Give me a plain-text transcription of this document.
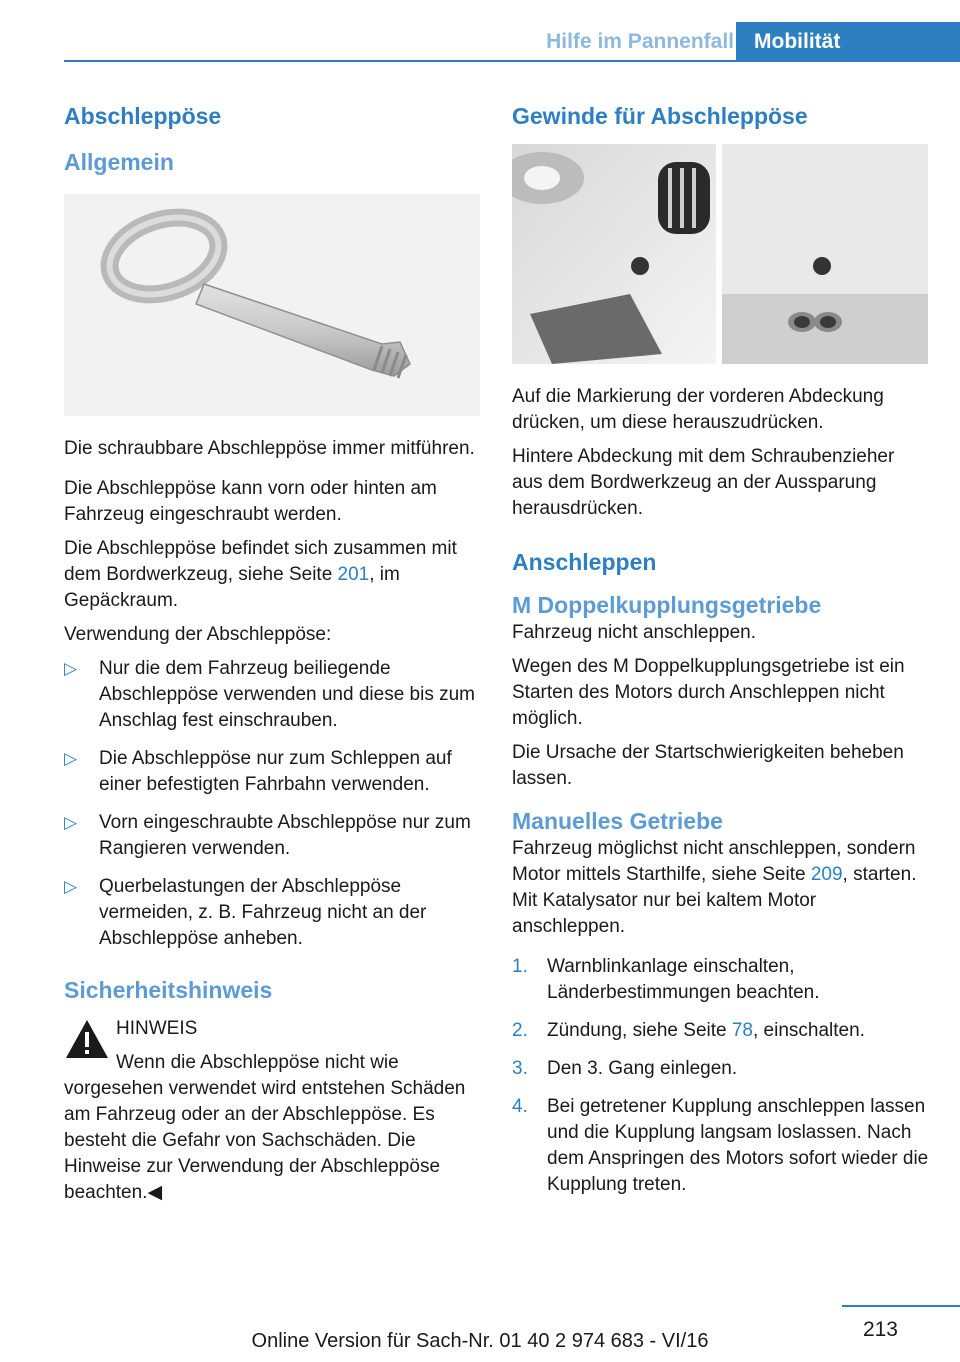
Hilfe im Pannenfall Mobilität
Abschleppöse
Allgemein

Die schraubbare Abschleppöse immer mitführen.

Die Abschleppöse kann vorn oder hinten am Fahrzeug eingeschraubt werden.

Die Abschleppöse befindet sich zusammen mit dem Bordwerkzeug, siehe Seite 201, im Gepäckraum.

Verwendung der Abschleppöse:

▷ Nur die dem Fahrzeug beiliegende Abschleppöse verwenden und diese bis zum Anschlag fest einschrauben.
▷ Die Abschleppöse nur zum Schleppen auf einer befestigten Fahrbahn verwenden.
▷ Vorn eingeschraubte Abschleppöse nur zum Rangieren verwenden.
▷ Querbelastungen der Abschleppöse vermeiden, z. B. Fahrzeug nicht an der Abschleppöse anheben.
Sicherheitshinweis

HINWEIS

Wenn die Abschleppöse nicht wie vorgesehen verwendet wird entstehen Schäden am Fahrzeug oder an der Abschleppöse. Es besteht die Gefahr von Sachschäden. Die Hinweise zur Verwendung der Abschleppöse beachten.◀

Gewinde für Abschleppöse

Auf die Markierung der vorderen Abdeckung drücken, um diese herauszudrücken.

Hintere Abdeckung mit dem Schraubenzieher aus dem Bordwerkzeug an der Aussparung herausdrücken.

Anschleppen
M Doppelkupplungsgetriebe

Fahrzeug nicht anschleppen.

Wegen des M Doppelkupplungsgetriebe ist ein Starten des Motors durch Anschleppen nicht möglich.

Die Ursache der Startschwierigkeiten beheben lassen.

Manuelles Getriebe

Fahrzeug möglichst nicht anschleppen, sondern Motor mittels Starthilfe, siehe Seite 209, starten. Mit Katalysator nur bei kaltem Motor anschleppen.

1. Warnblinkanlage einschalten, Länderbestimmungen beachten.
2. Zündung, siehe Seite 78, einschalten.
3. Den 3. Gang einlegen.
4. Bei getretener Kupplung anschleppen lassen und die Kupplung langsam loslassen. Nach dem Anspringen des Motors sofort wieder die Kupplung treten.
213
Online Version für Sach-Nr. 01 40 2 974 683 - VI/16
